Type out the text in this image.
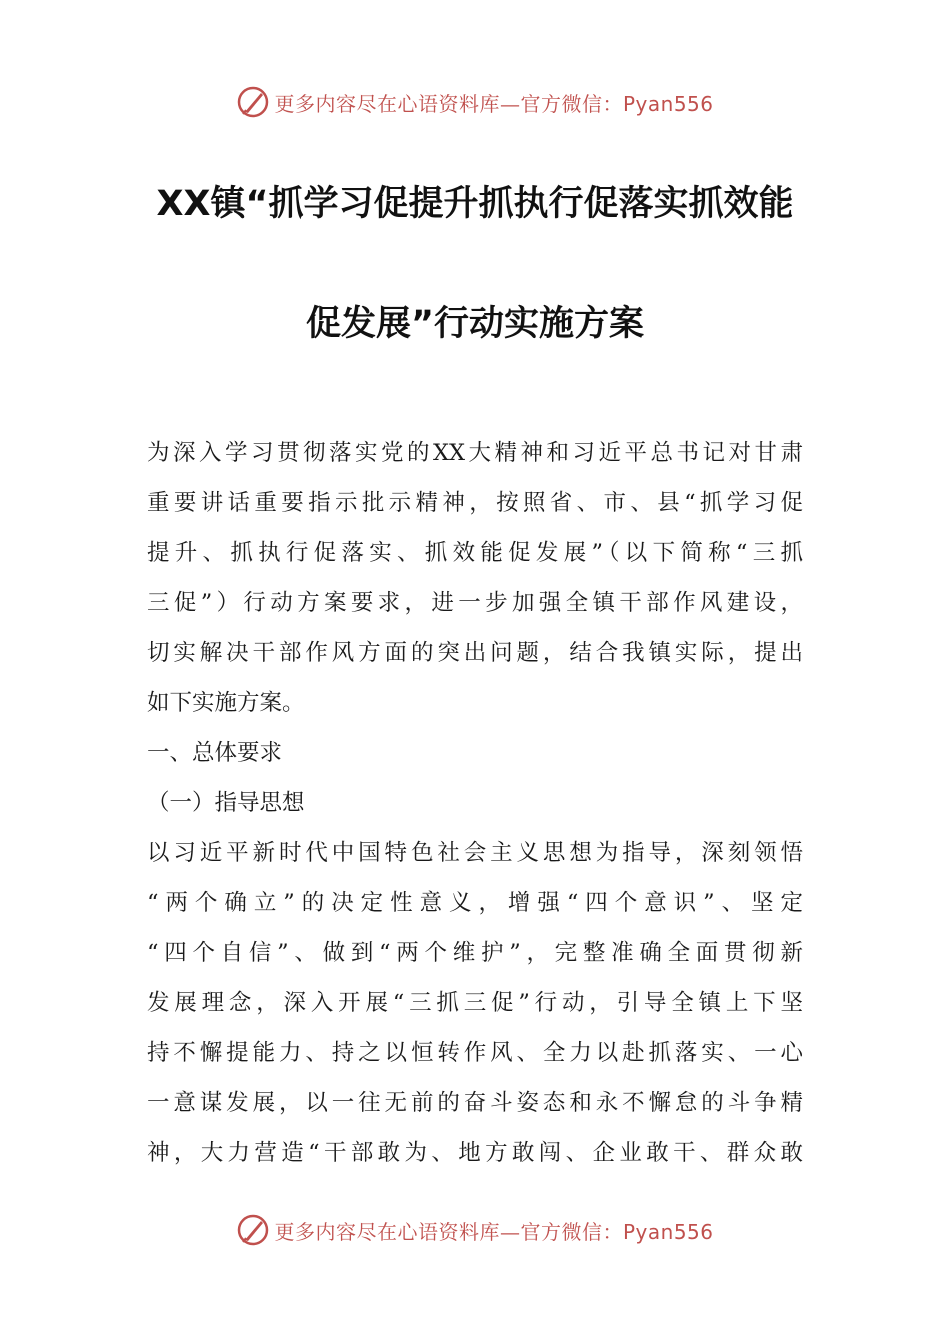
更多内容尽在心语资料库—官方微信：Pyan556
XX镇“抓学习促提升抓执行促落实抓效能
促发展”行动实施方案
为深入学习贯彻落实党的XX大精神和习近平总书记对甘肃
重要讲话重要指示批示精神，按照省、市、县“抓学习促
提升、抓执行促落实、抓效能促发展”（以下简称“三抓
三促”）行动方案要求，进一步加强全镇干部作风建设，
切实解决干部作风方面的突出问题，结合我镇实际，提出
如下实施方案。
一、总体要求
（一）指导思想
以习近平新时代中国特色社会主义思想为指导，深刻领悟
“两个确立”的决定性意义，增强“四个意识”、坚定
“四个自信”、做到“两个维护”，完整准确全面贯彻新
发展理念，深入开展“三抓三促”行动，引导全镇上下坚
持不懈提能力、持之以恒转作风、全力以赴抓落实、一心
一意谋发展，以一往无前的奋斗姿态和永不懈怠的斗争精
神，大力营造“干部敢为、地方敢闯、企业敢干、群众敢
更多内容尽在心语资料库—官方微信：Pyan556
